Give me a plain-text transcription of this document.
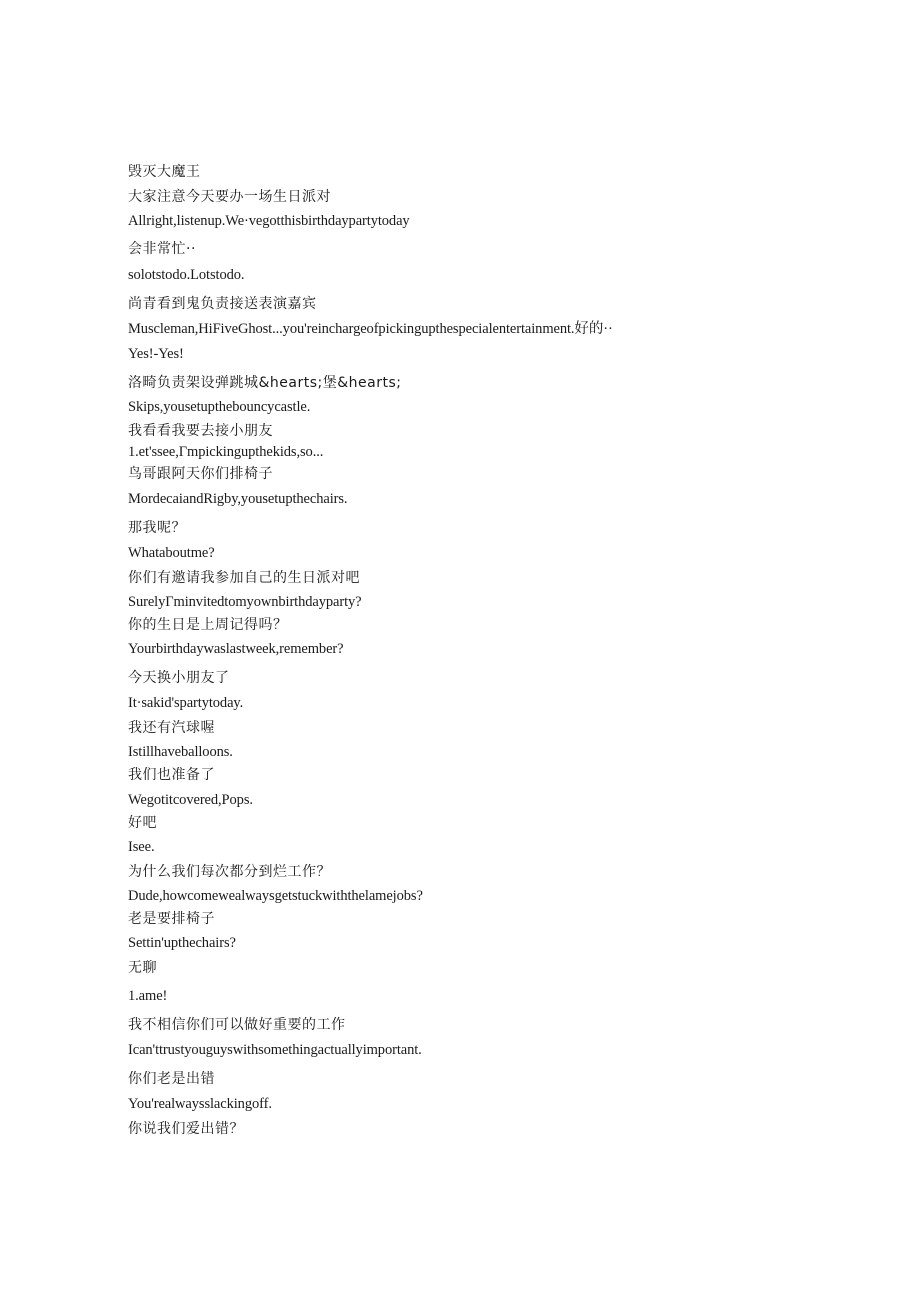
毁灭大魔王
大家注意今天要办一场生日派对
Allright,listenup.We·vegotthisbirthdaypartytoday
会非常忙··
solotstodo.Lotstodo.
尚青看到鬼负责接送表演嘉宾
Muscleman,HiFiveGhost...you'reinchargeofpickingupthespecialentertainment.好的··
Yes!-Yes!
洛畸负责架设弹跳城&hearts;堡&hearts;
Skips,yousetupthebouncycastle.
我看看我要去接小朋友
1.et'ssee,Γmpickingupthekids,so...
鸟哥跟阿天你们排椅子
MordecaiandRigby,yousetupthechairs.
那我呢？
Whataboutme?
你们有邀请我参加自己的生日派对吧
SurelyΓminvitedtomyownbirthdayparty?
你的生日是上周记得吗？
Yourbirthdaywaslastweek,remember?
今天换小朋友了
It·sakid'spartytoday.
我还有汽球喔
Istillhaveballoons.
我们也准备了
Wegotitcovered,Pops.
好吧
Isee.
为什么我们每次都分到烂工作？
Dude,howcomewealwaysgetstuckwiththelamejobs?
老是要排椅子
Settin'upthechairs?
无聊
1.ame!
我不相信你们可以做好重要的工作
Ican'ttrustyouguyswithsomethingactuallyimportant.
你们老是出错
You'realwaysslackingoff.
你说我们爱出错？
